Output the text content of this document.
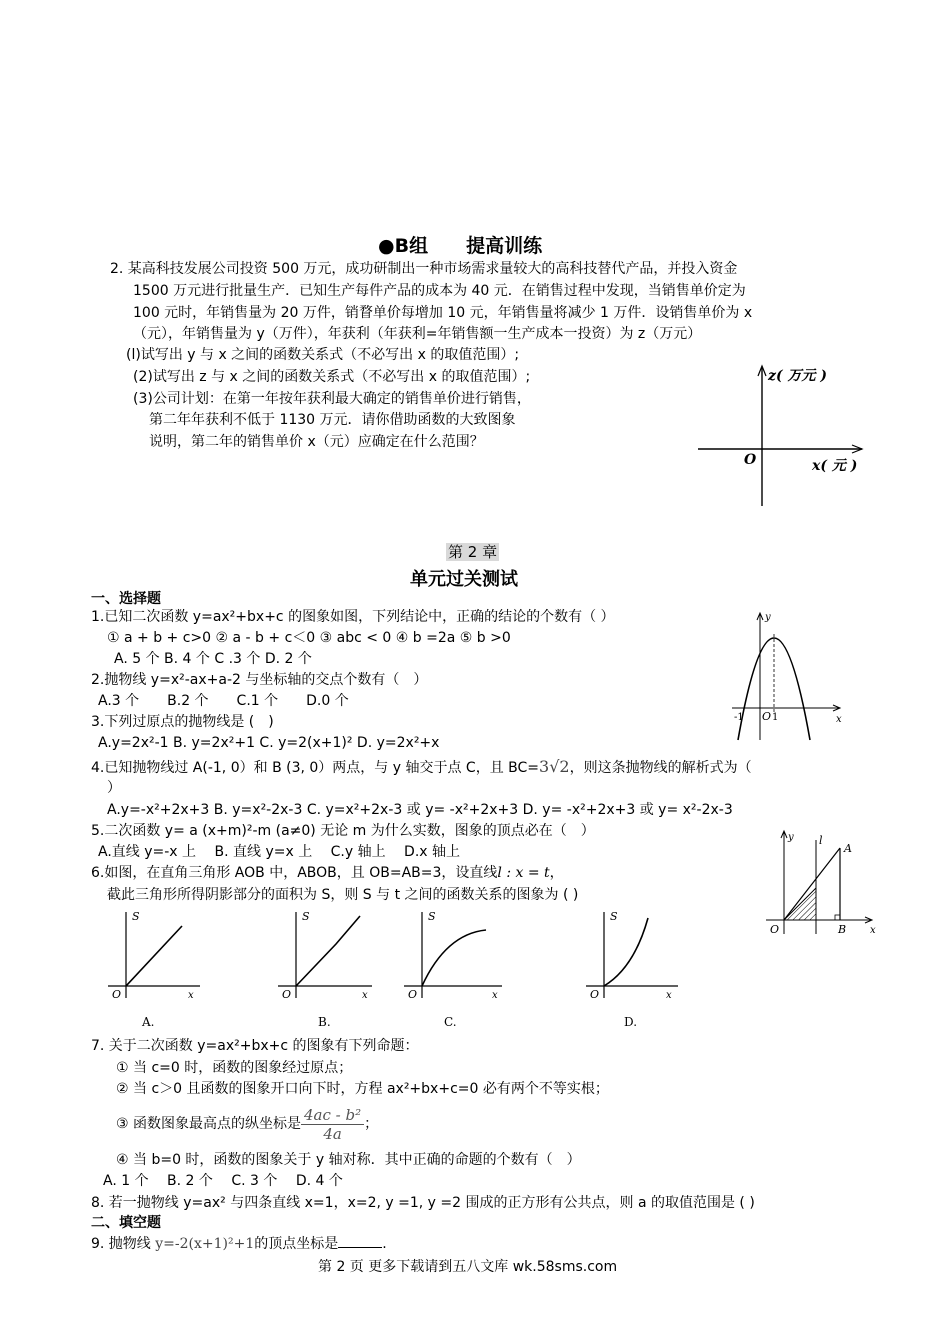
●B组　　提高训练
2. 某高科技发展公司投资 500 万元，成功研制出一种市场需求量较大的高科技替代产品，并投入资金
1500 万元进行批量生产．已知生产每件产品的成本为 40 元．在销售过程中发现，当销售单价定为
100 元时，年销售量为 20 万件，销瞀单价每增加 10 元，年销售量将减少 1 万件．设销售单价为 x
（元），年销售量为 y（万件），年获利（年获利=年销售额一生产成本一投资）为 z（万元）
(l)试写出 y 与 x 之间的函数关系式（不必写出 x 的取值范围）;
(2)试写出 z 与 x 之间的函数关系式（不必写出 x 的取值范围）;
(3)公司计划：在第一年按年获利最大确定的销售单价进行销售，
第二年年获利不低于 1130 万元．请你借助函数的大致图象
说明，第二年的销售单价 x（元）应确定在什么范围？
z( 万元 )
O	x( 元 )
第 2 章
单元过关测试
一、选择题
1.已知二次函数 y=ax²+bx+c 的图象如图，下列结论中，正确的结论的个数有（ ）
① a + b + c>0 ② a - b + c＜0 ③ abc < 0 ④ b =2a ⑤ b >0
A. 5 个 B. 4 个 C .3 个 D. 2 个
y
x
-1 O 1
2.抛物线 y=x²-ax+a-2 与坐标轴的交点个数有（　）
A.3 个　　B.2 个　　C.1 个　　D.0 个
3.下列过原点的抛物线是 (　)
A.y=2x²-1 B. y=2x²+1 C. y=2(x+1)² D. y=2x²+x
4.已知抛物线过 A(-1, 0）和 B (3, 0）两点，与 y 轴交于点 C，且 BC=3√2，则这条抛物线的解析式为（
）
A.y=-x²+2x+3 B. y=x²-2x-3 C. y=x²+2x-3 或 y= -x²+2x+3 D. y= -x²+2x+3 或 y= x²-2x-3
5.二次函数 y= a (x+m)²-m (a≠0) 无论 m 为什么实数，图象的顶点必在（　）
A.直线 y=-x 上　 B. 直线 y=x 上　 C.y 轴上　 D.x 轴上
6.如图，在直角三角形 AOB 中，ABOB，且 OB=AB=3，设直线l : x = t，
截此三角形所得阴影部分的面积为 S，则 S 与 t 之间的函数关系的图象为 ( )
y l
A
O	B x
S
O	x
A.
S
O	x
B.
S
O	x
C.
S
O	x
D.
7. 关于二次函数 y=ax²+bx+c 的图象有下列命题：
① 当 c=0 时，函数的图象经过原点；
② 当 c＞0 且函数的图象开口向下时，方程 ax²+bx+c=0 必有两个不等实根；
③ 函数图象最高点的纵坐标是 $\frac{\text{4ac - b²}}{4a}$ ；
④ 当 b=0 时，函数的图象关于 y 轴对称．其中正确的命题的个数有（　）
A. 1 个　 B. 2 个　 C. 3 个　 D. 4 个
8. 若一抛物线 y=ax² 与四条直线 x=1，x=2, y =1, y =2 围成的正方形有公共点，则 a 的取值范围是 ( )
二、填空题
9. 抛物线 y=-2(x+1)²+1的顶点坐标是	.
第 2 页 更多下载请到五八文库 wk.58sms.com
